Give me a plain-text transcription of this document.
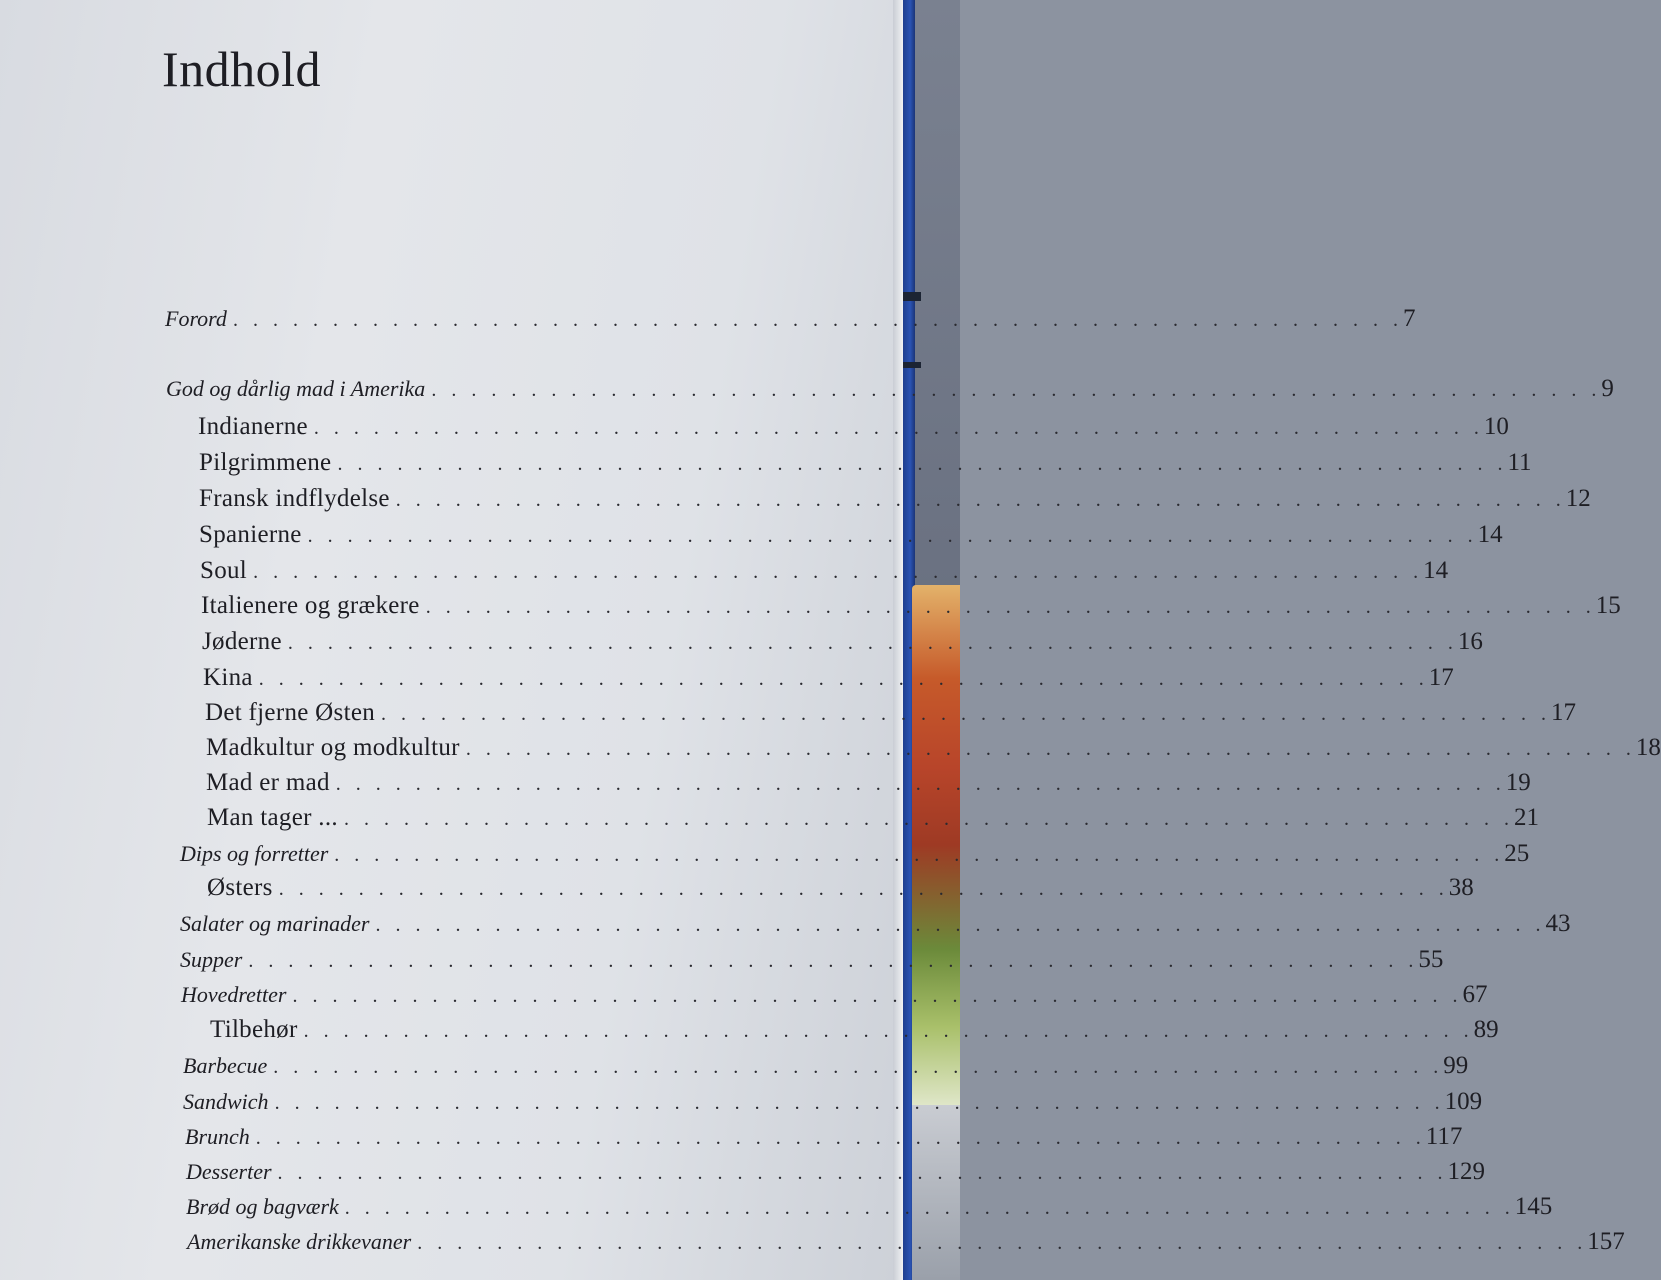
Indhold
Forord . . . . . . . . . . . . . . . . . . . . . . . . . . . . . . . . . . . . . . . . . . . . . . . . . . . . . . . . . . . 7
God og dårlig mad i Amerika . . . . . . . . . . . . . . . . . . . . . . . . . . . . . . . . . . . . . . . . . . . . . . . . . . . . . . . . . . . 9
Indianerne . . . . . . . . . . . . . . . . . . . . . . . . . . . . . . . . . . . . . . . . . . . . . . . . . . . . . . . . . . . 10
Pilgrimmene . . . . . . . . . . . . . . . . . . . . . . . . . . . . . . . . . . . . . . . . . . . . . . . . . . . . . . . . . . . 11
Fransk indflydelse . . . . . . . . . . . . . . . . . . . . . . . . . . . . . . . . . . . . . . . . . . . . . . . . . . . . . . . . . . . 12
Spanierne . . . . . . . . . . . . . . . . . . . . . . . . . . . . . . . . . . . . . . . . . . . . . . . . . . . . . . . . . . . 14
Soul . . . . . . . . . . . . . . . . . . . . . . . . . . . . . . . . . . . . . . . . . . . . . . . . . . . . . . . . . . . 14
Italienere og grækere . . . . . . . . . . . . . . . . . . . . . . . . . . . . . . . . . . . . . . . . . . . . . . . . . . . . . . . . . . . 15
Jøderne . . . . . . . . . . . . . . . . . . . . . . . . . . . . . . . . . . . . . . . . . . . . . . . . . . . . . . . . . . . 16
Kina . . . . . . . . . . . . . . . . . . . . . . . . . . . . . . . . . . . . . . . . . . . . . . . . . . . . . . . . . . . 17
Det fjerne Østen . . . . . . . . . . . . . . . . . . . . . . . . . . . . . . . . . . . . . . . . . . . . . . . . . . . . . . . . . . . 17
Madkultur og modkultur . . . . . . . . . . . . . . . . . . . . . . . . . . . . . . . . . . . . . . . . . . . . . . . . . . . . . . . . . . . 18
Mad er mad . . . . . . . . . . . . . . . . . . . . . . . . . . . . . . . . . . . . . . . . . . . . . . . . . . . . . . . . . . . 19
Man tager ... . . . . . . . . . . . . . . . . . . . . . . . . . . . . . . . . . . . . . . . . . . . . . . . . . . . . . . . . . . . 21
Dips og forretter . . . . . . . . . . . . . . . . . . . . . . . . . . . . . . . . . . . . . . . . . . . . . . . . . . . . . . . . . . . 25
Østers . . . . . . . . . . . . . . . . . . . . . . . . . . . . . . . . . . . . . . . . . . . . . . . . . . . . . . . . . . . 38
Salater og marinader . . . . . . . . . . . . . . . . . . . . . . . . . . . . . . . . . . . . . . . . . . . . . . . . . . . . . . . . . . . 43
Supper . . . . . . . . . . . . . . . . . . . . . . . . . . . . . . . . . . . . . . . . . . . . . . . . . . . . . . . . . . . 55
Hovedretter . . . . . . . . . . . . . . . . . . . . . . . . . . . . . . . . . . . . . . . . . . . . . . . . . . . . . . . . . . . 67
Tilbehør . . . . . . . . . . . . . . . . . . . . . . . . . . . . . . . . . . . . . . . . . . . . . . . . . . . . . . . . . . . 89
Barbecue . . . . . . . . . . . . . . . . . . . . . . . . . . . . . . . . . . . . . . . . . . . . . . . . . . . . . . . . . . . 99
Sandwich . . . . . . . . . . . . . . . . . . . . . . . . . . . . . . . . . . . . . . . . . . . . . . . . . . . . . . . . . . . 109
Brunch . . . . . . . . . . . . . . . . . . . . . . . . . . . . . . . . . . . . . . . . . . . . . . . . . . . . . . . . . . . 117
Desserter . . . . . . . . . . . . . . . . . . . . . . . . . . . . . . . . . . . . . . . . . . . . . . . . . . . . . . . . . . . 129
Brød og bagværk . . . . . . . . . . . . . . . . . . . . . . . . . . . . . . . . . . . . . . . . . . . . . . . . . . . . . . . . . . . 145
Amerikanske drikkevaner . . . . . . . . . . . . . . . . . . . . . . . . . . . . . . . . . . . . . . . . . . . . . . . . . . . . . . . . . . . 157
